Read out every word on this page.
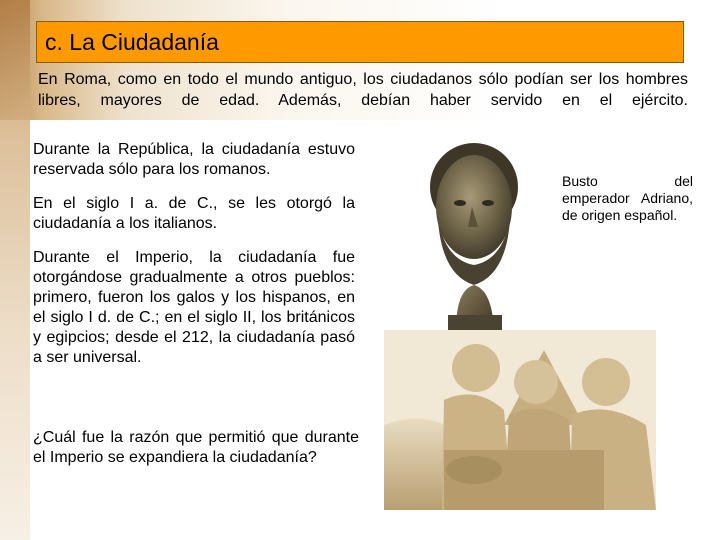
c. La Ciudadanía
En Roma, como en todo el mundo antiguo, los ciudadanos sólo podían ser los hombres libres, mayores de edad. Además, debían haber servido en el ejército.

Durante la República, la ciudadanía estuvo reservada sólo para los romanos.

En el siglo I a. de C., se les otorgó la ciudadanía a los italianos.

Durante el Imperio, la ciudadanía fue otorgándose gradualmente a otros pueblos: primero, fueron los galos y los hispanos, en el siglo I d. de C.; en el siglo II, los británicos y egipcios; desde el 212, la ciudadanía pasó a ser universal.

¿Cuál fue la razón que permitió que durante el Imperio se expandiera la ciudadanía?

Busto	del
emperador Adriano, de origen español.
